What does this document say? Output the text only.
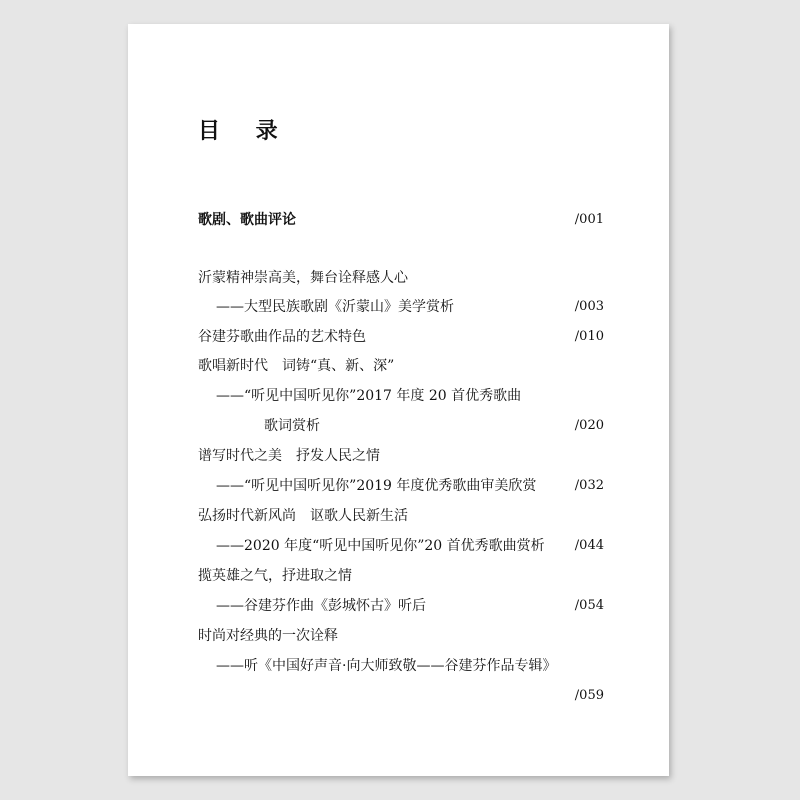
目 录
歌剧、歌曲评论	/001
沂蒙精神崇高美，舞台诠释感人心
——大型民族歌剧《沂蒙山》美学赏析	/003
谷建芬歌曲作品的艺术特色	/010
歌唱新时代　词铸“真、新、深”
——“听见中国听见你”2017 年度 20 首优秀歌曲
歌词赏析	/020
谱写时代之美　抒发人民之情
——“听见中国听见你”2019 年度优秀歌曲审美欣赏	/032
弘扬时代新风尚　讴歌人民新生活
——2020 年度“听见中国听见你”20 首优秀歌曲赏析 /044
揽英雄之气，抒进取之情
——谷建芬作曲《彭城怀古》听后	/054
时尚对经典的一次诠释
——听《中国好声音·向大师致敬——谷建芬作品专辑》
/059
